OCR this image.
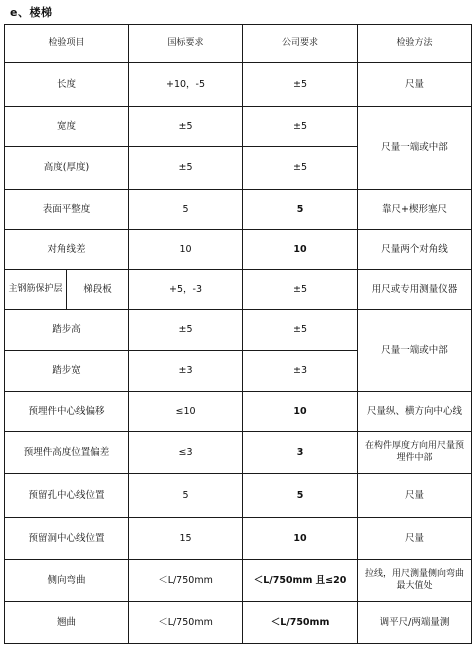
e、楼梯
检验项目		国标要求	公司要求	检验方法
长度		+10，-5	±5	尺量
宽度		±5	±5	尺量一端或中部
高度(厚度)		±5	±5	
表面平整度		5	5	靠尺+楔形塞尺
对角线差		10	10	尺量两个对角线
主钢筋保护层	梯段板	+5，-3	±5	用尺或专用测量仪器
踏步高		±5	±5	尺量一端或中部
踏步宽		±3	±3	
预埋件中心线偏移		≤10	10	尺量纵、横方向中心线
预埋件高度位置偏差		≤3	3	在构件厚度方向用尺量预埋件中部
预留孔中心线位置		5	5	尺量
预留洞中心线位置		15	10	尺量
侧向弯曲		＜L/750mm	＜L/750mm 且≤20	拉线，用尺测量侧向弯曲最大值处
翘曲		＜L/750mm	＜L/750mm	调平尺/两端量测
